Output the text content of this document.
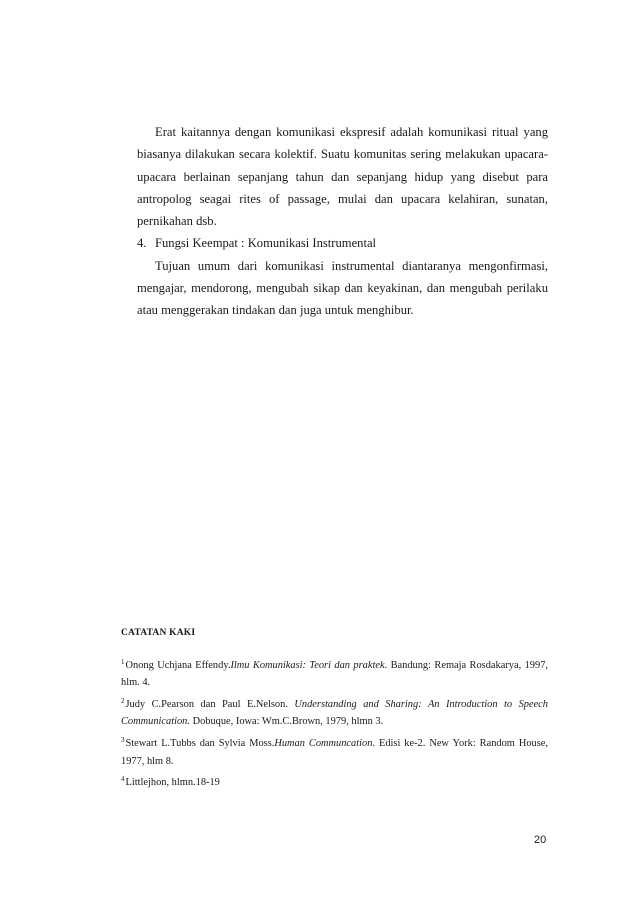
Erat kaitannya dengan komunikasi ekspresif adalah komunikasi ritual yang biasanya dilakukan secara kolektif. Suatu komunitas sering melakukan upacara-upacara berlainan sepanjang tahun dan sepanjang hidup yang disebut para antropolog seagai rites of passage, mulai dan upacara kelahiran, sunatan, pernikahan dsb.

4. Fungsi Keempat : Komunikasi Instrumental

Tujuan umum dari komunikasi instrumental diantaranya mengonfirmasi, mengajar, mendorong, mengubah sikap dan keyakinan, dan mengubah perilaku atau menggerakan tindakan dan juga untuk menghibur.

CATATAN KAKI

$^1$Onong Uchjana Effendy.Ilmu Komunikasi: Teori dan praktek. Bandung: Remaja Rosdakarya, 1997, hlm. 4.

$^2$Judy C.Pearson dan Paul E.Nelson. Understanding and Sharing: An Introduction to Speech Communication. Dobuque, Iowa: Wm.C.Brown, 1979, hlmn 3.

$^3$Stewart L.Tubbs dan Sylvia Moss.Human Communcation. Edisi ke-2. New York: Random House, 1977, hlm 8.

$^4$Littlejhon, hlmn.18-19

20
